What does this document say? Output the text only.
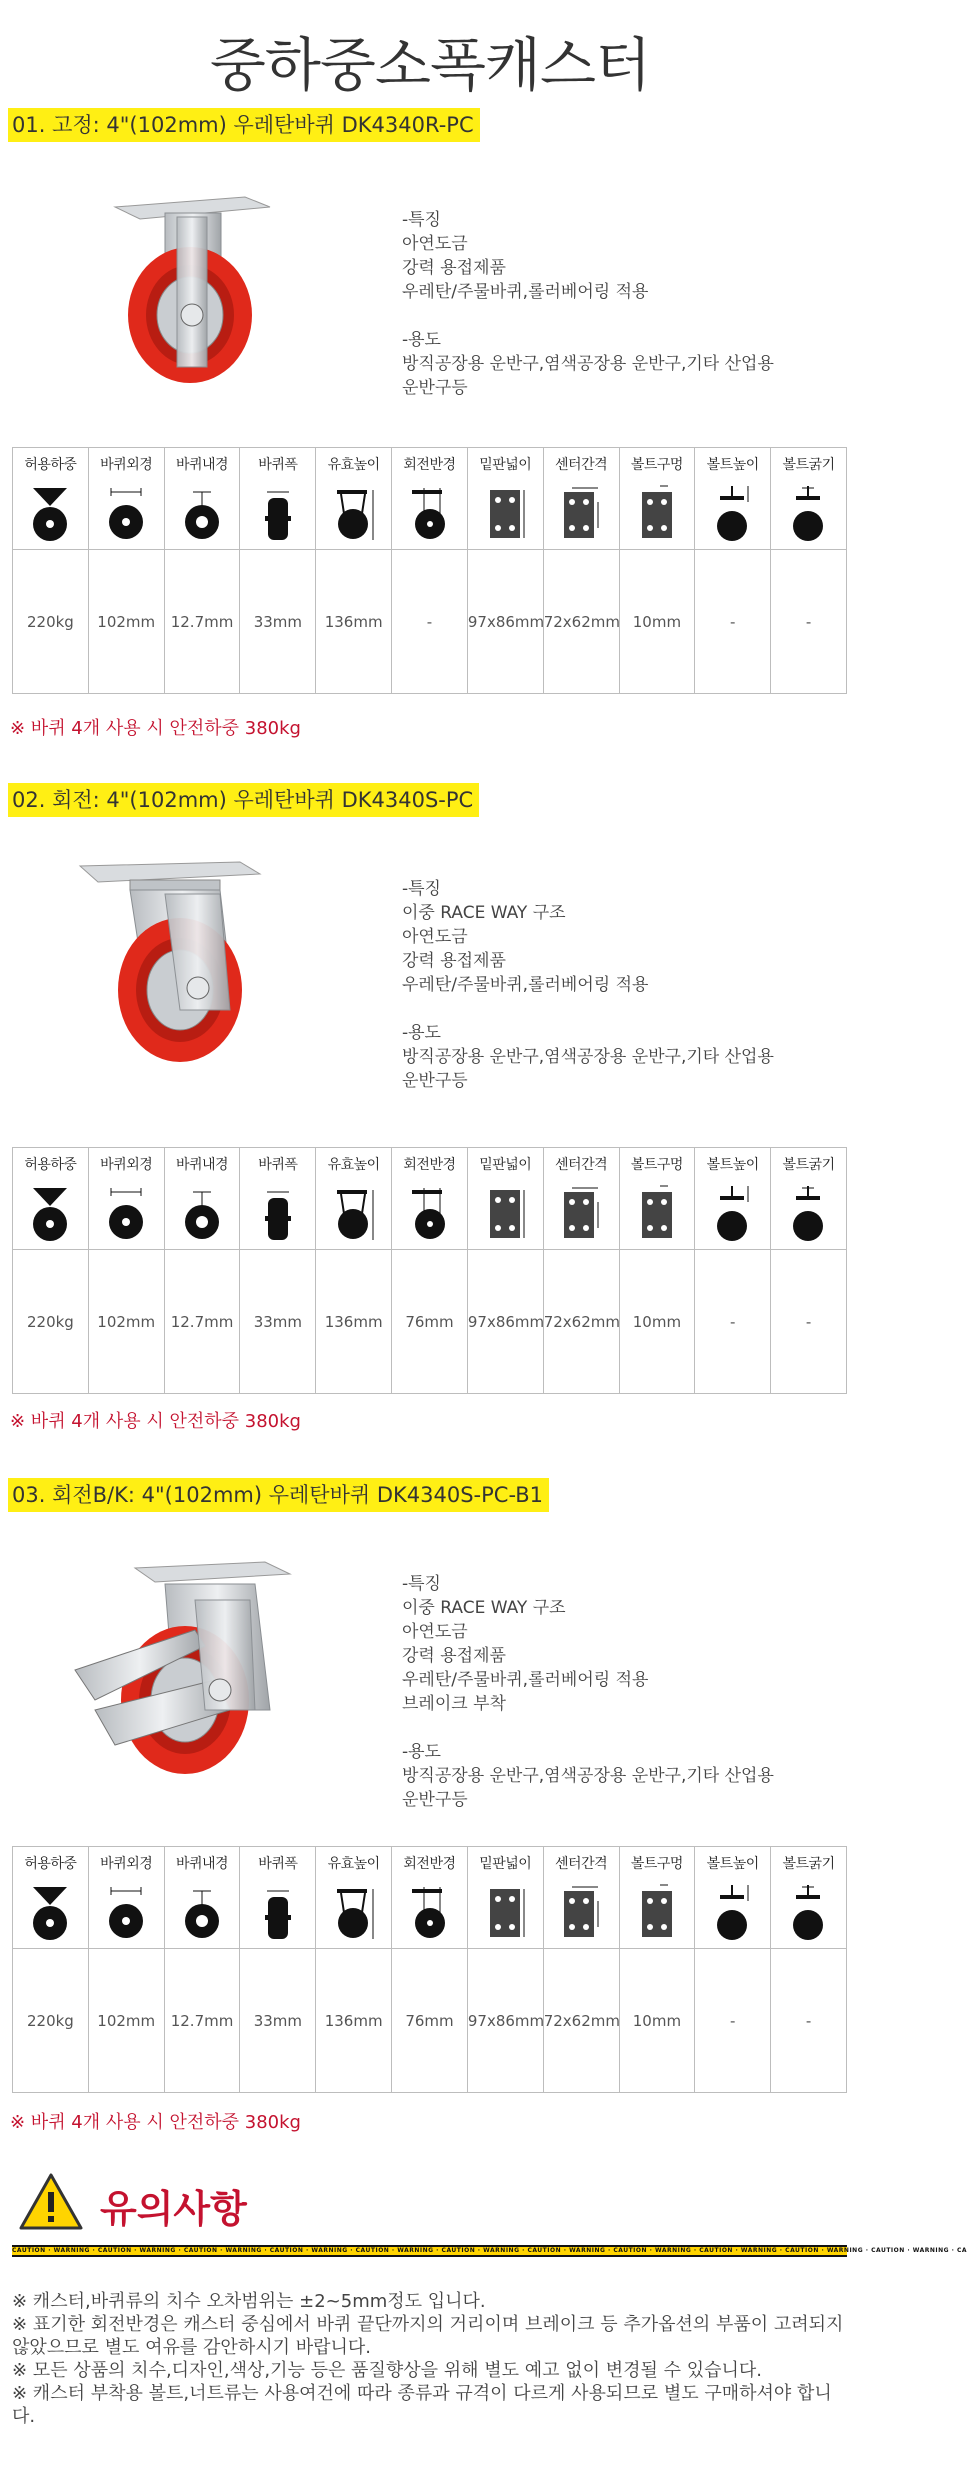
중하중소폭캐스터
01. 고정: 4"(102mm) 우레탄바퀴 DK4340R-PC
-특징
아연도금
강력 용접제품
우레탄/주물바퀴,롤러베어링 적용
-용도
방직공장용 운반구,염색공장용 운반구,기타 산업용
운반구등
허용하중	바퀴외경	바퀴내경	바퀴폭	유효높이	회전반경	밑판넓이	센터간격	볼트구멍	볼트높이	볼트굵기

220kg	102mm	12.7mm	33mm	136mm	-	97x86mm	72x62mm	10mm	-	-
※ 바퀴 4개 사용 시 안전하중 380kg
02. 회전: 4"(102mm) 우레탄바퀴 DK4340S-PC
-특징
이중 RACE WAY 구조
아연도금
강력 용접제품
우레탄/주물바퀴,롤러베어링 적용
-용도
방직공장용 운반구,염색공장용 운반구,기타 산업용
운반구등
허용하중	바퀴외경	바퀴내경	바퀴폭	유효높이	회전반경	밑판넓이	센터간격	볼트구멍	볼트높이	볼트굵기

220kg	102mm	12.7mm	33mm	136mm	76mm	97x86mm	72x62mm	10mm	-	-
※ 바퀴 4개 사용 시 안전하중 380kg
03. 회전B/K: 4"(102mm) 우레탄바퀴 DK4340S-PC-B1
-특징
이중 RACE WAY 구조
아연도금
강력 용접제품
우레탄/주물바퀴,롤러베어링 적용
브레이크 부착
-용도
방직공장용 운반구,염색공장용 운반구,기타 산업용
운반구등
허용하중	바퀴외경	바퀴내경	바퀴폭	유효높이	회전반경	밑판넓이	센터간격	볼트구멍	볼트높이	볼트굵기

220kg	102mm	12.7mm	33mm	136mm	76mm	97x86mm	72x62mm	10mm	-	-
※ 바퀴 4개 사용 시 안전하중 380kg
유의사항
CAUTION · WARNING · CAUTION · WARNING · CAUTION · WARNING · CAUTION · WARNING · CAUTION · WARNING · CAUTION · WARNING · CAUTION · WARNING · CAUTION · WARNING · CAUTION · WARNING · CAUTION · WARNING · CAUTION · WARNING · CA
※ 캐스터,바퀴류의 치수 오차범위는 ±2~5mm정도 입니다.
※ 표기한 회전반경은 캐스터 중심에서 바퀴 끝단까지의 거리이며 브레이크 등 추가옵션의 부품이 고려되지 않았으므로 별도 여유를 감안하시기 바랍니다.
※ 모든 상품의 치수,디자인,색상,기능 등은 품질향상을 위해 별도 예고 없이 변경될 수 있습니다.
※ 캐스터 부착용 볼트,너트류는 사용여건에 따라 종류과 규격이 다르게 사용되므로 별도 구매하셔야 합니다.
